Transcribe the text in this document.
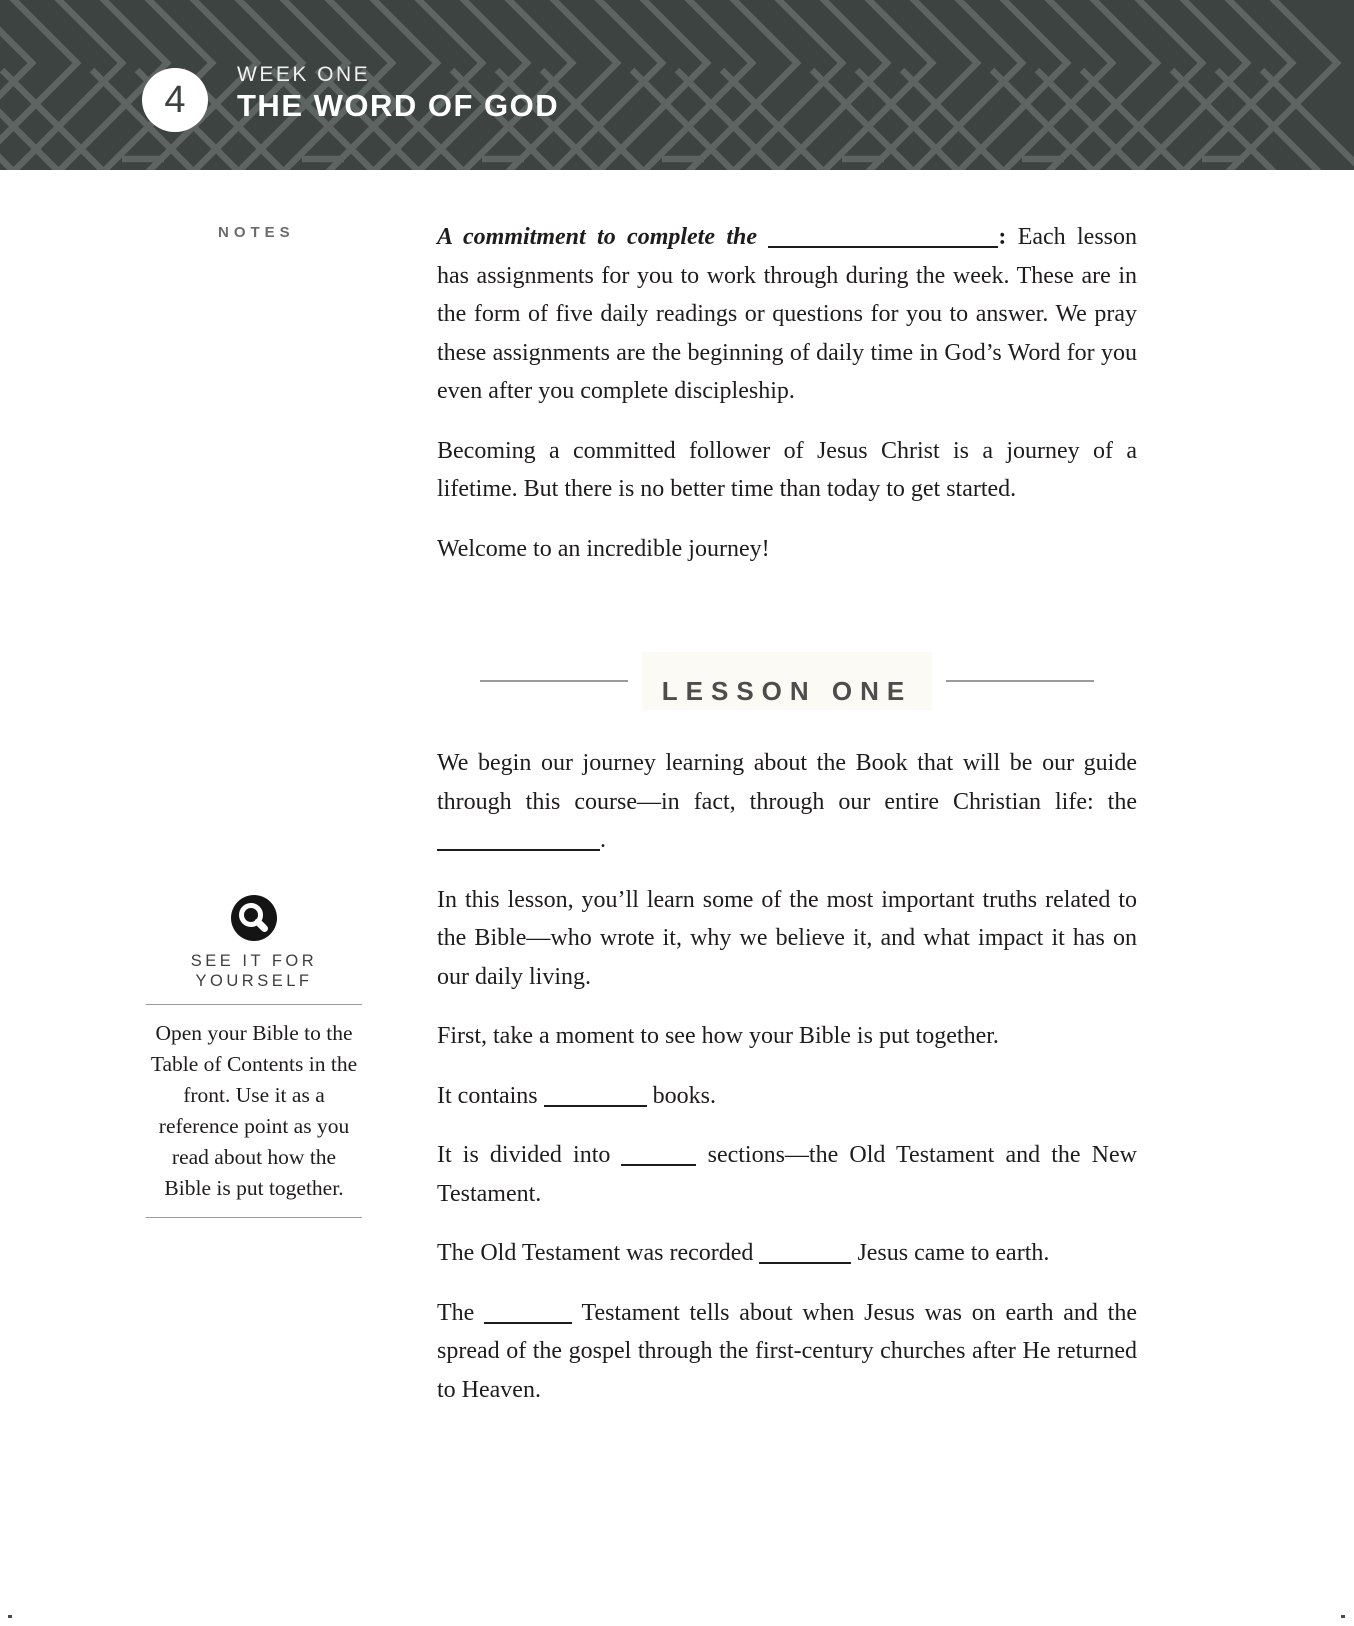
4
WEEK ONE
THE WORD OF GOD
NOTES
SEE IT FOR
YOURSELF

Open your Bible to the Table of Contents in the front. Use it as a reference point as you read about how the Bible is put together.

A commitment to complete the	: Each lesson has assignments for you to work through during the week. These are in the form of five daily readings or questions for you to answer. We pray these assignments are the beginning of daily time in God’s Word for you even after you complete discipleship.

Becoming a committed follower of Jesus Christ is a journey of a lifetime. But there is no better time than today to get started.

Welcome to an incredible journey!

LESSON ONE

We begin our journey learning about the Book that will be our guide through this course—in fact, through our entire Christian life: the .

In this lesson, you’ll learn some of the most important truths related to the Bible—who wrote it, why we believe it, and what impact it has on our daily living.

First, take a moment to see how your Bible is put together.

It contains	books.

It is divided into	sections—the Old Testament and the New Testament.

The Old Testament was recorded	Jesus came to earth.

The	Testament tells about when Jesus was on earth and the spread of the gospel through the first-century churches after He returned to Heaven.
